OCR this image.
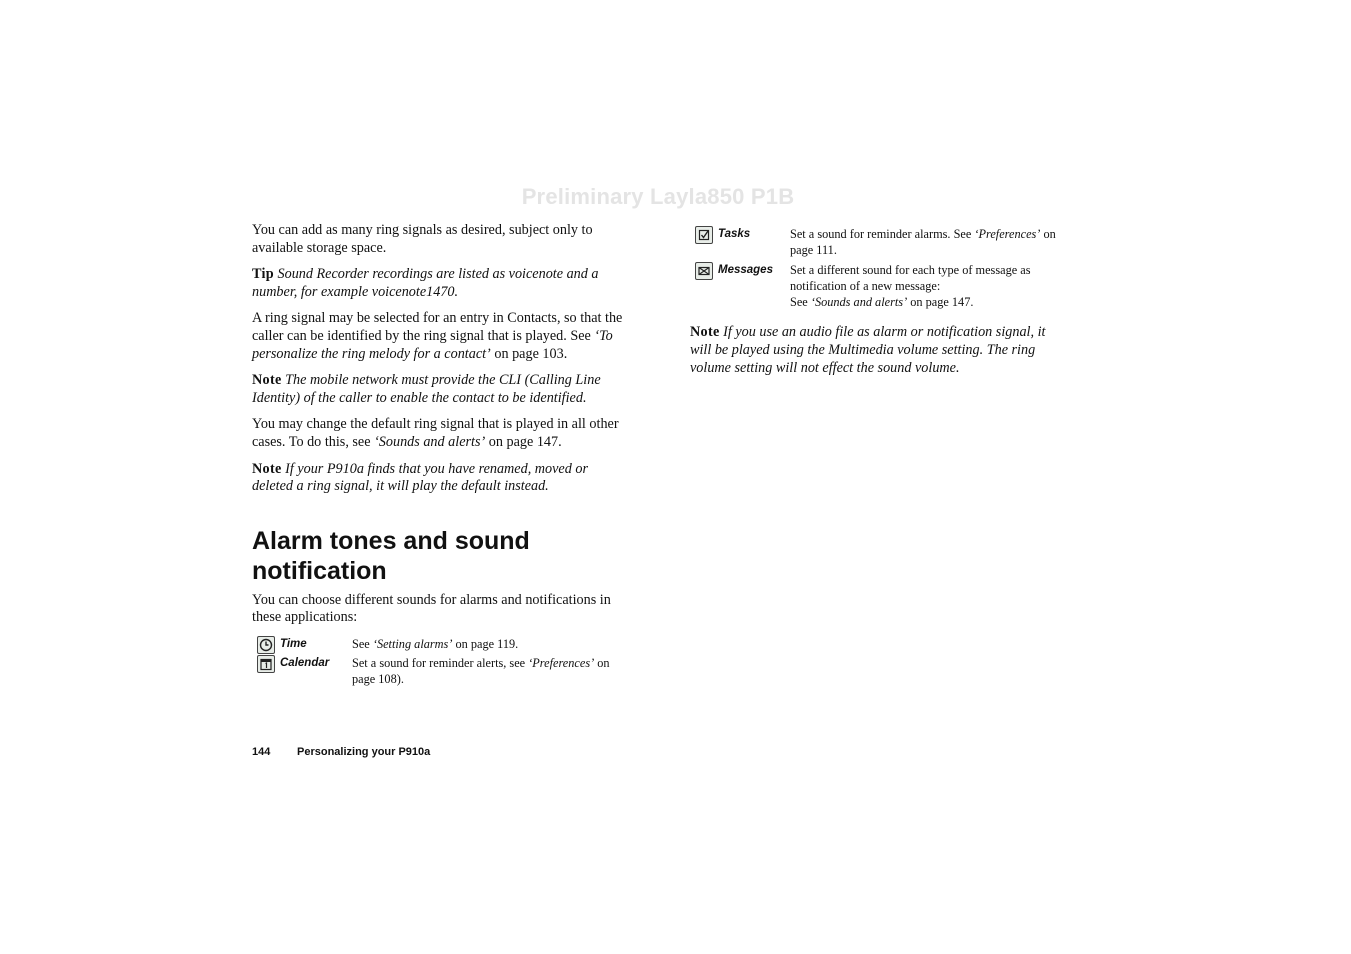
Preliminary Layla850 P1B

You can add as many ring signals as desired, subject only to available storage space.

Tip Sound Recorder recordings are listed as voicenote and a number, for example voicenote1470.

A ring signal may be selected for an entry in Contacts, so that the caller can be identified by the ring signal that is played. See ‘To personalize the ring melody for a contact’ on page 103.

Note The mobile network must provide the CLI (Calling Line Identity) of the caller to enable the contact to be identified.

You may change the default ring signal that is played in all other cases. To do this, see ‘Sounds and alerts’ on page 147.

Note If your P910a finds that you have renamed, moved or deleted a ring signal, it will play the default instead.

Alarm tones and sound notification

You can choose different sounds for alarms and notifications in these applications:

Time	See ‘Setting alarms’ on page 119.
Calendar	Set a sound for reminder alerts, see ‘Preferences’ on page 108).
Tasks	Set a sound for reminder alarms. See ‘Preferences’ on page 111.
Messages	Set a different sound for each type of message as notification of a new message:
See ‘Sounds and alerts’ on page 147.

Note If you use an audio file as alarm or notification signal, it will be played using the Multimedia volume setting. The ring volume setting will not effect the sound volume.

144 Personalizing your P910a
